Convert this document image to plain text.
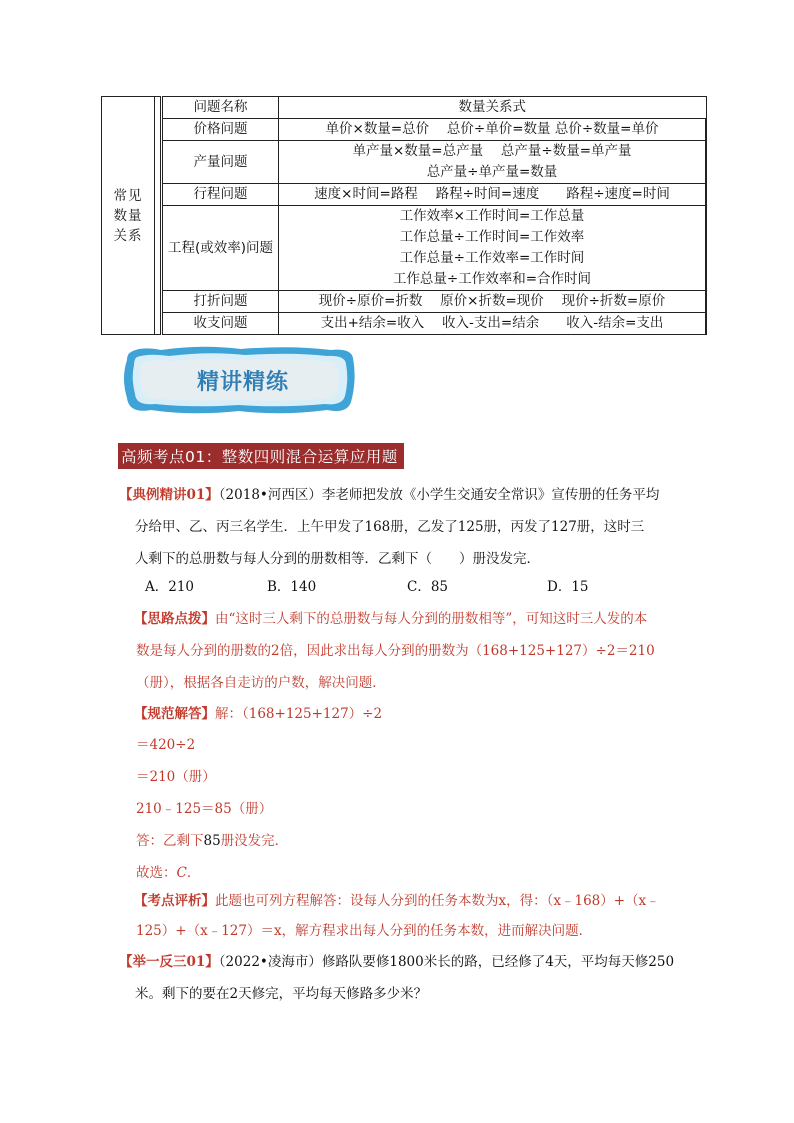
常见
数量
关系		问题名称	数量关系式
		价格问题	单价×数量=总价　 总价÷单价=数量 总价÷数量=单价

		产量问题	单产量×数量=总产量　 总产量÷数量=单产量
总产量÷单产量=数量

		行程问题	速度×时间=路程　 路程÷时间=速度　　路程÷速度=时间

		工程(或效率)问题	工作效率×工作时间=工作总量
工作总量÷工作时间=工作效率
工作总量÷工作效率=工作时间
工作总量÷工作效率和=合作时间

		打折问题	现价÷原价=折数　 原价×折数=现价　 现价÷折数=原价

		收支问题	支出+结余=收入　 收入-支出=结余　　收入-结余=支出
精讲精练
高频考点01：整数四则混合运算应用题
【典例精讲01】（2018•河西区）李老师把发放《小学生交通安全常识》宣传册的任务平均
分给甲、乙、丙三名学生．上午甲发了168册，乙发了125册，丙发了127册，这时三
人剩下的总册数与每人分到的册数相等．乙剩下（　　）册没发完．
A．210	B．140	C．85	D．15
【思路点拨】由“这时三人剩下的总册数与每人分到的册数相等”，可知这时三人发的本
数是每人分到的册数的2倍，因此求出每人分到的册数为（168+125+127）÷2＝210
（册），根据各自走访的户数，解决问题．
【规范解答】解：（168+125+127）÷2
＝420÷2
＝210（册）
210﹣125＝85（册）
答：乙剩下85册没发完．
故选：C．
【考点评析】此题也可列方程解答：设每人分到的任务本数为x，得：（x﹣168）+（x﹣
125）+（x﹣127）＝x，解方程求出每人分到的任务本数，进而解决问题．
【举一反三01】（2022•凌海市）修路队要修1800米长的路，已经修了4天，平均每天修250
米。剩下的要在2天修完，平均每天修路多少米？
